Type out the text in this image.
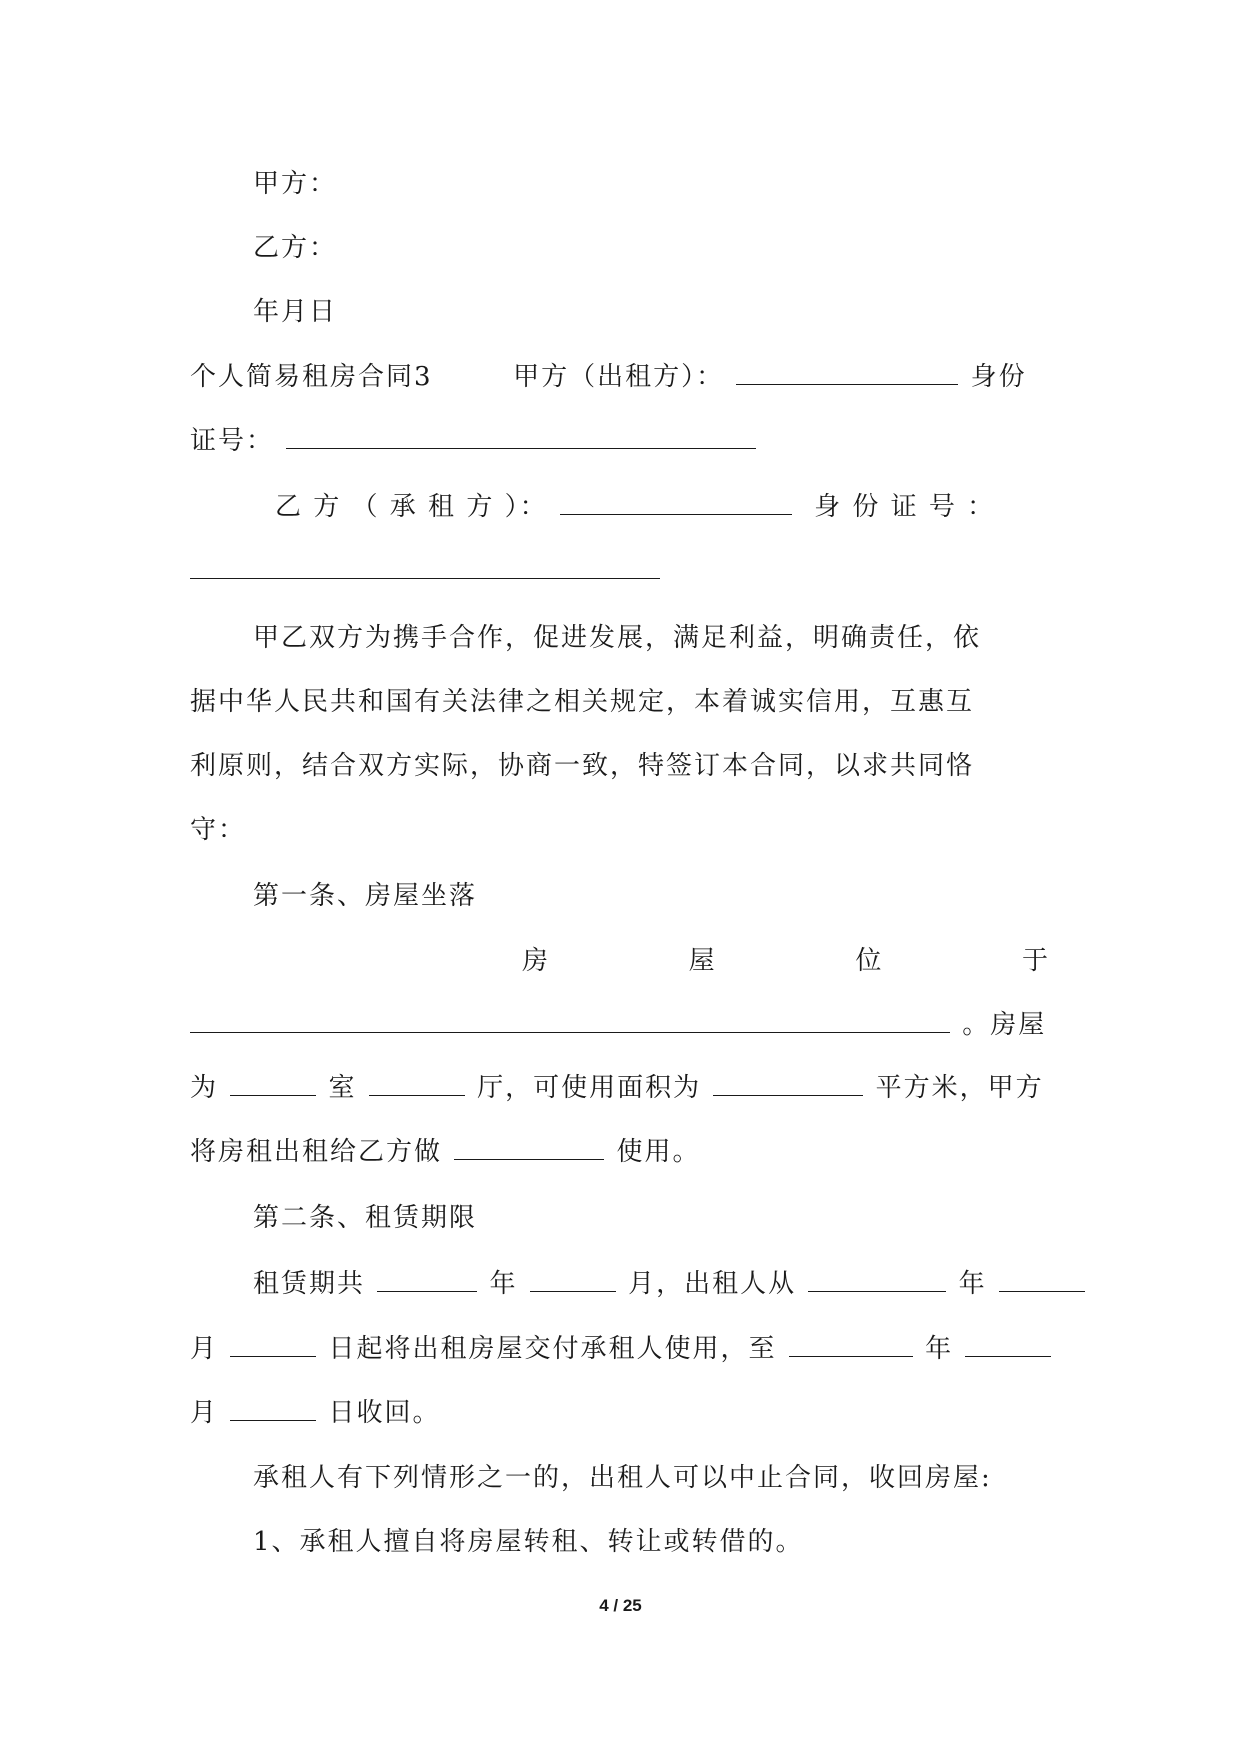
甲方：
乙方：
年月日
个人简易租房合同3	甲方（出租方）：	身份
证号：
乙 方 （ 承 租 方 ）：	身 份 证 号 ：
甲乙双方为携手合作，促进发展，满足利益，明确责任，依
据中华人民共和国有关法律之相关规定，本着诚实信用，互惠互
利原则，结合双方实际，协商一致，特签订本合同，以求共同恪
守：
第一条、房屋坐落
房	屋	位	于
。房屋
为	室	厅，可使用面积为	平方米，甲方
将房租出租给乙方做	使用。
第二条、租赁期限
租赁期共	年	月，出租人从	年
月	日起将出租房屋交付承租人使用，至	年
月	日收回。
承租人有下列情形之一的，出租人可以中止合同，收回房屋:
1、承租人擅自将房屋转租、转让或转借的。
4 / 25
